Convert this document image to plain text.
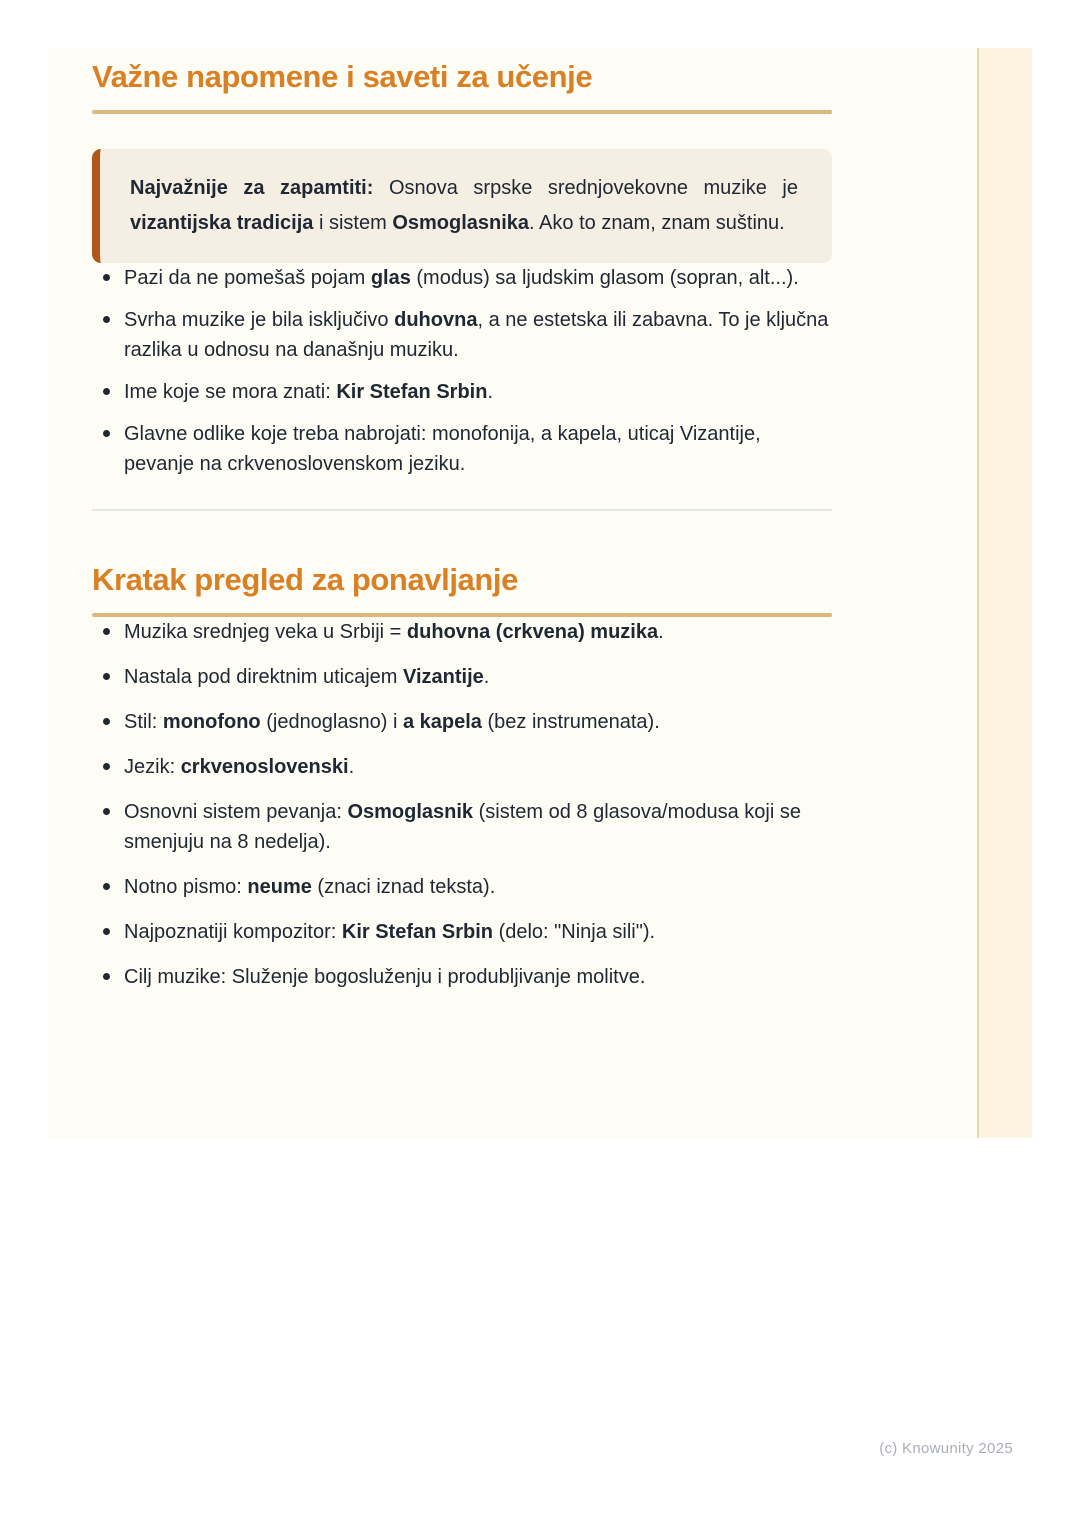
Važne napomene i saveti za učenje

Najvažnije za zapamtiti: Osnova srpske srednjovekovne muzike je vizantijska tradicija i sistem Osmoglasnika. Ako to znam, znam suštinu.

Pazi da ne pomešaš pojam glas (modus) sa ljudskim glasom (sopran, alt...).
Svrha muzike je bila isključivo duhovna, a ne estetska ili zabavna. To je ključna razlika u odnosu na današnju muziku.
Ime koje se mora znati: Kir Stefan Srbin.
Glavne odlike koje treba nabrojati: monofonija, a kapela, uticaj Vizantije, pevanje na crkvenoslovenskom jeziku.
Kratak pregled za ponavljanje
Muzika srednjeg veka u Srbiji = duhovna (crkvena) muzika.
Nastala pod direktnim uticajem Vizantije.
Stil: monofono (jednoglasno) i a kapela (bez instrumenata).
Jezik: crkvenoslovenski.
Osnovni sistem pevanja: Osmoglasnik (sistem od 8 glasova/modusa koji se smenjuju na 8 nedelja).
Notno pismo: neume (znaci iznad teksta).
Najpoznatiji kompozitor: Kir Stefan Srbin (delo: "Ninja sili").
Cilj muzike: Služenje bogosluženju i produbljivanje molitve.
(c) Knowunity 2025
